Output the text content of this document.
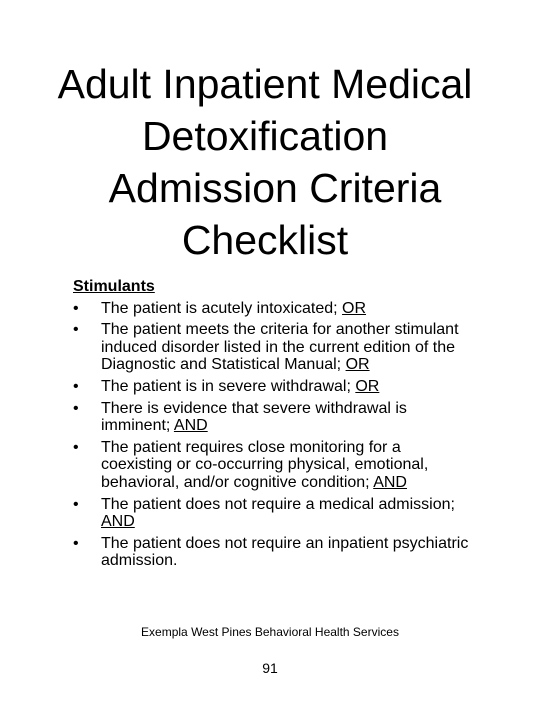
Adult Inpatient Medical
Detoxification
Admission Criteria
Checklist
Stimulants
• The patient is acutely intoxicated; OR
• The patient meets the criteria for another stimulant induced disorder listed in the current edition of the Diagnostic and Statistical Manual; OR
• The patient is in severe withdrawal; OR
• There is evidence that severe withdrawal is imminent; AND
• The patient requires close monitoring for a coexisting or co-occurring physical, emotional, behavioral, and/or cognitive condition; AND
• The patient does not require a medical admission; AND
• The patient does not require an inpatient psychiatric admission.
Exempla West Pines Behavioral Health Services
91
